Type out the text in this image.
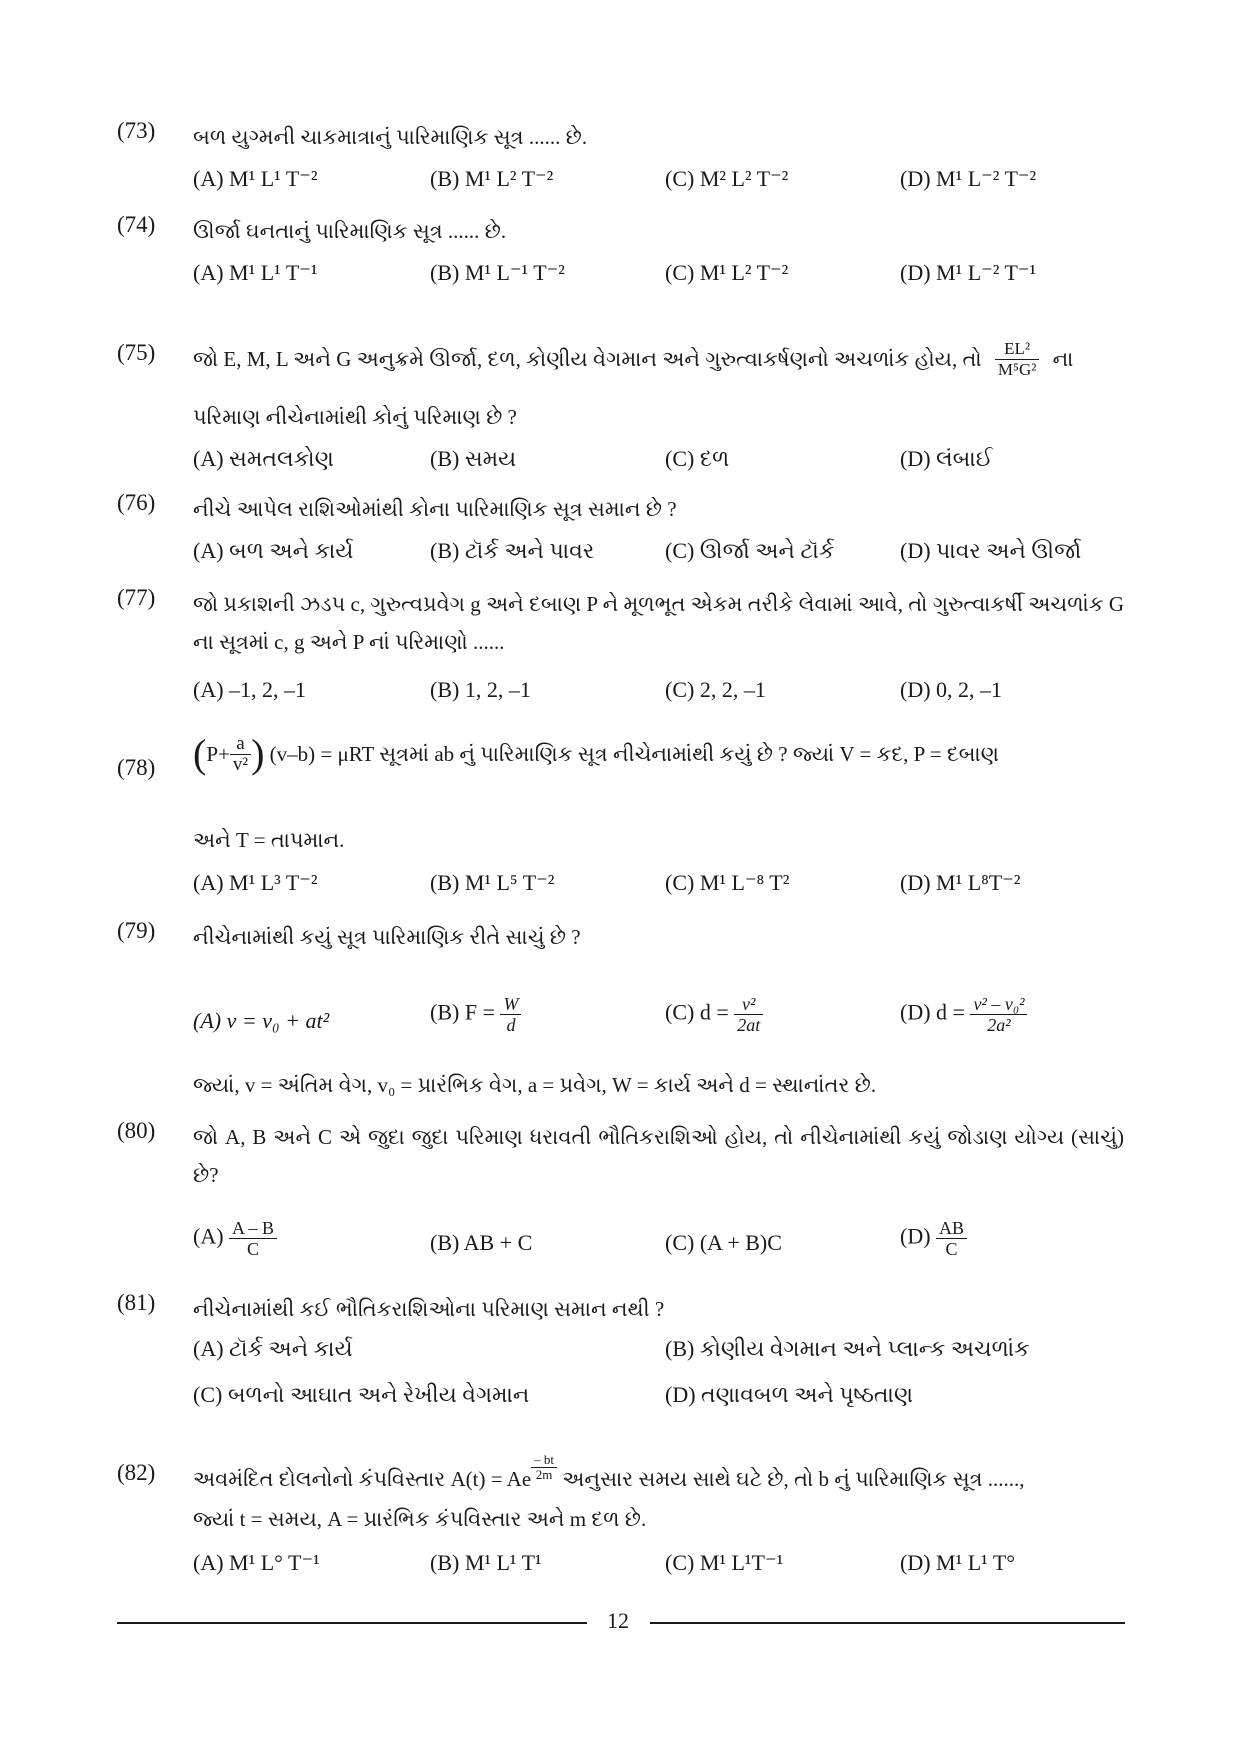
(73) બળ યુગ્મની ચાકમાત્રાનું પારિમાણિક સૂત્ર ...... છે.
(A) M¹ L¹ T⁻²	(B) M¹ L² T⁻²	(C) M² L² T⁻²	(D) M¹ L⁻² T⁻²
(74) ઊર્જા ઘનતાનું પારિમાણિક સૂત્ર ...... છે.
(A) M¹ L¹ T⁻¹	(B) M¹ L⁻¹ T⁻²	(C) M¹ L² T⁻²	(D) M¹ L⁻² T⁻¹
(75) જો E, M, L અને G અનુક્રમે ઊર્જા, દળ, કોણીય વેગમાન અને ગુરુત્વાકર્ષણનો અચળાંક હોય, તો $\frac{\text{EL²}}{\text{M⁵G²}}$ ના
પરિમાણ નીચેનામાંથી કોનું પરિમાણ છે ?
(A) સમતલકોણ	(B) સમય	(C) દળ	(D) લંબાઈ
(76) નીચે આપેલ રાશિઓમાંથી કોના પારિમાણિક સૂત્ર સમાન છે ?
(A) બળ અને કાર્ય	(B) ટૉર્ક અને પાવર	(C) ઊર્જા અને ટૉર્ક	(D) પાવર અને ઊર્જા
(77) જો પ્રકાશની ઝડપ c, ગુરુત્વપ્રવેગ g અને દબાણ P ને મૂળભૂત એકમ તરીકે લેવામાં આવે, તો ગુરુત્વાકર્ષી અચળાંક G ના સૂત્રમાં c, g અને P નાં પરિમાણો ......
(A) –1, 2, –1	(B) 1, 2, –1	(C) 2, 2, –1	(D) 0, 2, –1
(78) ($P+ \frac{a}{\text{v²}}$ ) (v–b) = μRT સૂત્રમાં ab નું પારિમાણિક સૂત્ર નીચેનામાંથી કયું છે ? જ્યાં V = કદ, P = દબાણ
અને T = તાપમાન.
(A) M¹ L³ T⁻²	(B) M¹ L⁵ T⁻²	(C) M¹ L⁻⁸ T²	(D) M¹ L⁸T⁻²
(79) નીચેનામાંથી કયું સૂત્ર પારિમાણિક રીતે સાચું છે ?
(A) v = v₀ + at²	(B) $F = \frac{W}{d}$	(C) $d = \frac{\text{v²}}{2at}$	(D) $d = \frac{\text{v² – v₀²}}{\text{2a²}}$
જ્યાં, v = અંતિમ વેગ, v₀ = પ્રારંભિક વેગ, a = પ્રવેગ, W = કાર્ય અને d = સ્થાનાંતર છે.
(80) જો A, B અને C એ જુદા જુદા પરિમાણ ધરાવતી ભૌતિકરાશિઓ હોય, તો નીચેનામાંથી કયું જોડાણ યોગ્ય (સાચું) છે?
$(A) \frac{A - B}{C}$	(B) AB + C	(C) (A + B)C	$(D) \frac{AB}{C}$
(81) નીચેનામાંથી કઈ ભૌતિકરાશિઓના પરિમાણ સમાન નથી ?
(A) ટૉર્ક અને કાર્ય	(B) કોણીય વેગમાન અને પ્લાન્ક અચળાંક
(C) બળનો આઘાત અને રેખીય વેગમાન	(D) તણાવબળ અને પૃષ્ઠતાણ
(82) અવમંદિત દોલનોનો કંપવિસ્તાર A(t) = Ae $\frac{- bt}{2m}$ અનુસાર સમય સાથે ઘટે છે, તો b નું પારિમાણિક સૂત્ર ......,
જ્યાં t = સમય, A = પ્રારંભિક કંપવિસ્તાર અને m દળ છે.
(A) M¹ L° T⁻¹	(B) M¹ L¹ T¹	(C) M¹ L¹T⁻¹	(D) M¹ L¹ T°
12
